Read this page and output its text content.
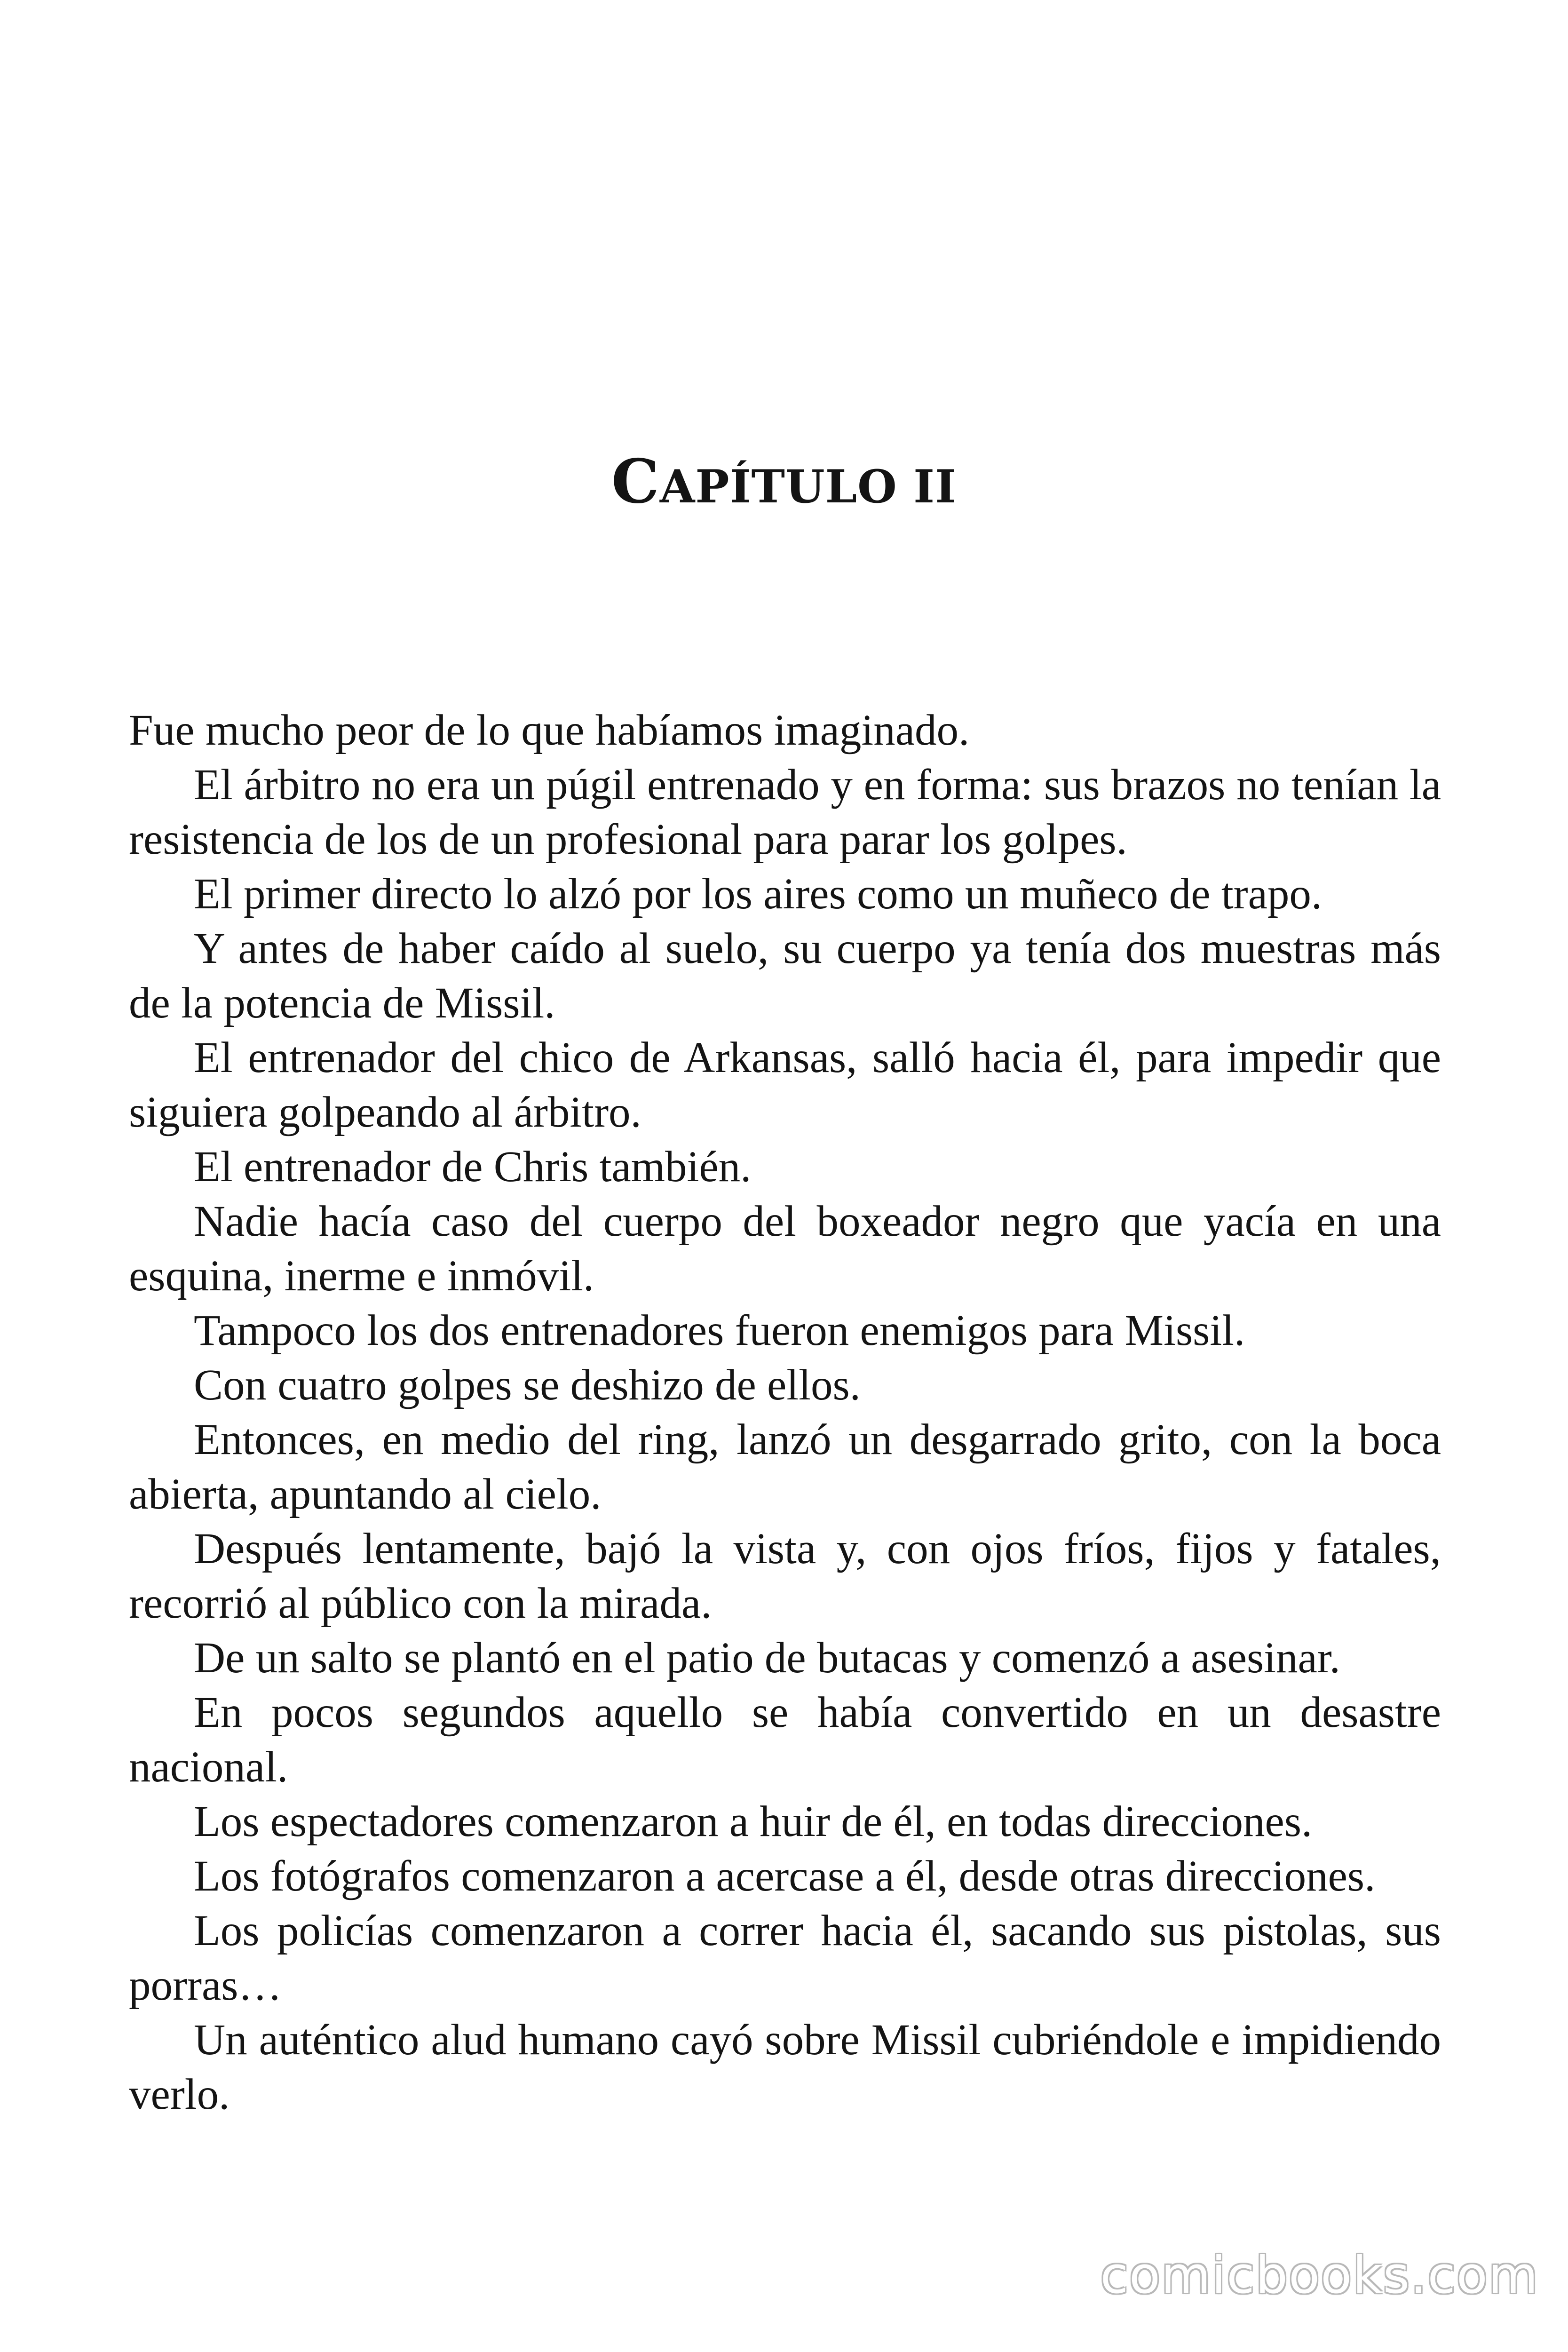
CAPÍTULO II

Fue mucho peor de lo que habíamos imaginado.

El árbitro no era un púgil entrenado y en forma: sus brazos no tenían la resistencia de los de un profesional para parar los golpes.

El primer directo lo alzó por los aires como un muñeco de trapo.

Y antes de haber caído al suelo, su cuerpo ya tenía dos muestras más de la potencia de Missil.

El entrenador del chico de Arkansas, salló hacia él, para impedir que siguiera golpeando al árbitro.

El entrenador de Chris también.

Nadie hacía caso del cuerpo del boxeador negro que yacía en una esquina, inerme e inmóvil.

Tampoco los dos entrenadores fueron enemigos para Missil.

Con cuatro golpes se deshizo de ellos.

Entonces, en medio del ring, lanzó un desgarrado grito, con la boca abierta, apuntando al cielo.

Después lentamente, bajó la vista y, con ojos fríos, fijos y fatales, recorrió al público con la mirada.

De un salto se plantó en el patio de butacas y comenzó a asesinar.

En pocos segundos aquello se había convertido en un desastre nacional.

Los espectadores comenzaron a huir de él, en todas direcciones.

Los fotógrafos comenzaron a acercase a él, desde otras direcciones.

Los policías comenzaron a correr hacia él, sacando sus pistolas, sus porras…

Un auténtico alud humano cayó sobre Missil cubriéndole e impidiendo verlo.

comicbooks.com
